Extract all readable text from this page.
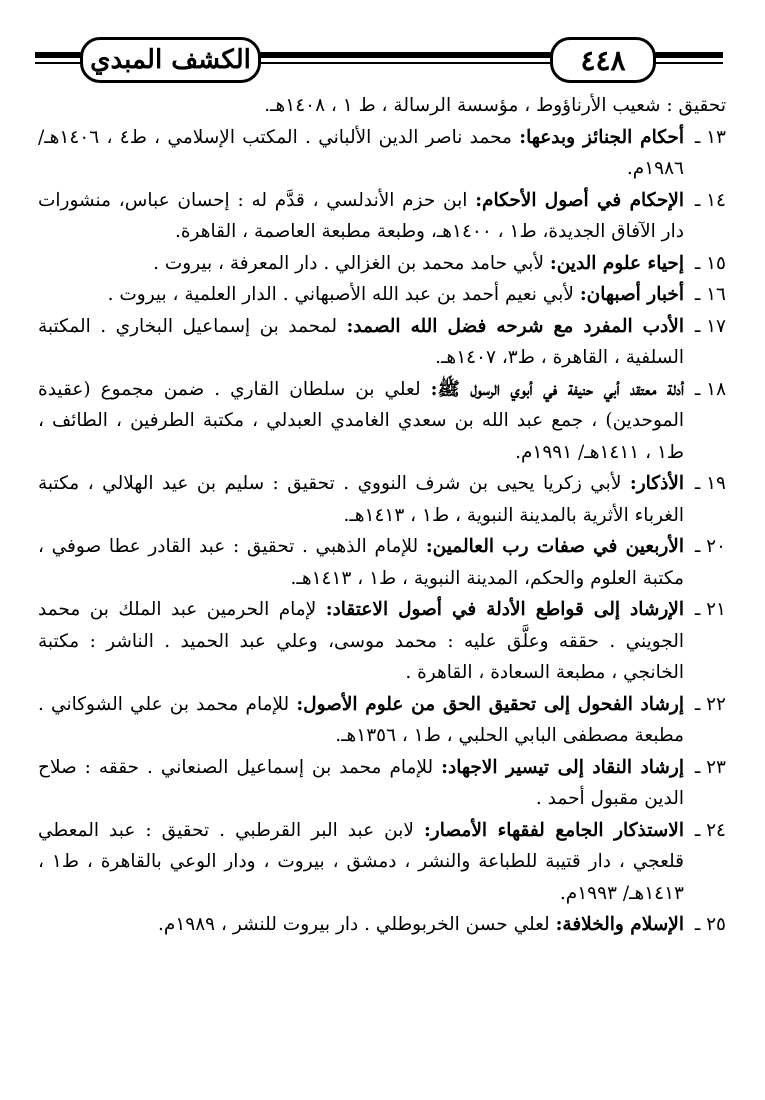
الكشف المبدي	٤٤٨

تحقيق : شعيب الأرناؤوط ، مؤسسة الرسالة ، ط ١ ، ١٤٠٨هـ.

١٣ ـأحكام الجنائز وبدعها: محمد ناصر الدين الألباني . المكتب الإسلامي ، ط٤ ، ١٤٠٦هـ/ ١٩٨٦م.

١٤ ـالإحكام في أصول الأحكام: ابن حزم الأندلسي ، قدَّم له : إحسان عباس، منشورات دار الآفاق الجديدة، ط١ ، ١٤٠٠هـ، وطبعة مطبعة العاصمة ، القاهرة.

١٥ ـإحياء علوم الدين: لأبي حامد محمد بن الغزالي . دار المعرفة ، بيروت .

١٦ ـأخبار أصبهان: لأبي نعيم أحمد بن عبد الله الأصبهاني . الدار العلمية ، بيروت .

١٧ ـالأدب المفرد مع شرحه فضل الله الصمد: لمحمد بن إسماعيل البخاري . المكتبة السلفية ، القاهرة ، ط٣، ١٤٠٧هـ.

١٨ ـأدلة معتقد أبي حنيفة في أبوي الرسول ﷺ: لعلي بن سلطان القاري . ضمن مجموع (عقيدة الموحدين) ، جمع عبد الله بن سعدي الغامدي العبدلي ، مكتبة الطرفين ، الطائف ، ط١ ، ١٤١١هـ/ ١٩٩١م.

١٩ ـالأذكار: لأبي زكريا يحيى بن شرف النووي . تحقيق : سليم بن عيد الهلالي ، مكتبة الغرباء الأثرية بالمدينة النبوية ، ط١ ، ١٤١٣هـ.

٢٠ ـالأربعين في صفات رب العالمين: للإمام الذهبي . تحقيق : عبد القادر عطا صوفي ، مكتبة العلوم والحكم، المدينة النبوية ، ط١ ، ١٤١٣هـ.

٢١ ـالإرشاد إلى قواطع الأدلة في أصول الاعتقاد: لإمام الحرمين عبد الملك بن محمد الجويني . حققه وعلَّق عليه : محمد موسى، وعلي عبد الحميد . الناشر : مكتبة الخانجي ، مطبعة السعادة ، القاهرة .

٢٢ ـإرشاد الفحول إلى تحقيق الحق من علوم الأصول: للإمام محمد بن علي الشوكاني . مطبعة مصطفى البابي الحلبي ، ط١ ، ١٣٥٦هـ.

٢٣ ـإرشاد النقاد إلى تيسير الاجهاد: للإمام محمد بن إسماعيل الصنعاني . حققه : صلاح الدين مقبول أحمد .

٢٤ ـالاستذكار الجامع لفقهاء الأمصار: لابن عبد البر القرطبي . تحقيق : عبد المعطي قلعجي ، دار قتيبة للطباعة والنشر ، دمشق ، بيروت ، ودار الوعي بالقاهرة ، ط١ ، ١٤١٣هـ/ ١٩٩٣م.

٢٥ ـالإسلام والخلافة: لعلي حسن الخربوطلي . دار بيروت للنشر ، ١٩٨٩م.
